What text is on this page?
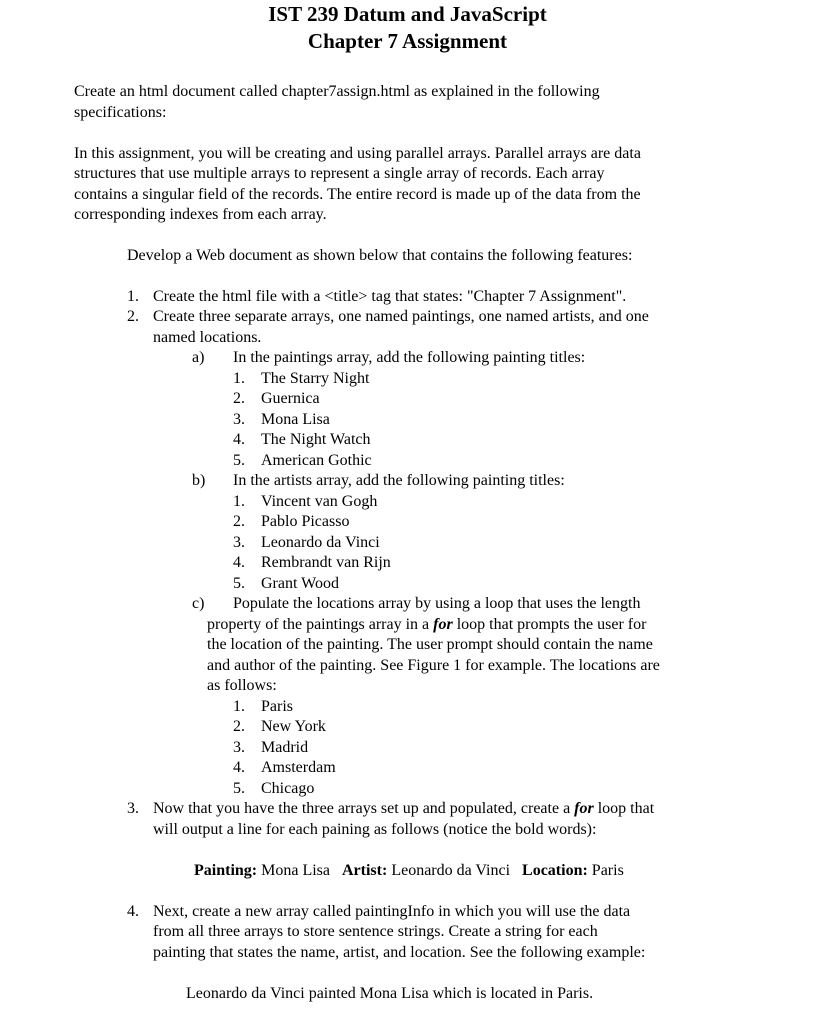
IST 239 Datum and JavaScript
Chapter 7 Assignment

Create an html document called chapter7assign.html as explained in the following

specifications:

In this assignment, you will be creating and using parallel arrays. Parallel arrays are data

structures that use multiple arrays to represent a single array of records. Each array

contains a singular field of the records. The entire record is made up of the data from the

corresponding indexes from each array.

Develop a Web document as shown below that contains the following features:

1. Create the html file with a <title> tag that states: "Chapter 7 Assignment".
2. Create three separate arrays, one named paintings, one named artists, and one
named locations.
a) In the paintings array, add the following painting titles:
1. The Starry Night
2. Guernica
3. Mona Lisa
4. The Night Watch
5. American Gothic
b) In the artists array, add the following painting titles:
1. Vincent van Gogh
2. Pablo Picasso
3. Leonardo da Vinci
4. Rembrandt van Rijn
5. Grant Wood
c) Populate the locations array by using a loop that uses the length
property of the paintings array in a for loop that prompts the user for
the location of the painting. The user prompt should contain the name
and author of the painting. See Figure 1 for example. The locations are
as follows:
1. Paris
2. New York
3. Madrid
4. Amsterdam
5. Chicago
3. Now that you have the three arrays set up and populated, create a for loop that
will output a line for each paining as follows (notice the bold words):

Painting: Mona Lisa Artist: Leonardo da Vinci Location: Paris

4. Next, create a new array called paintingInfo in which you will use the data
from all three arrays to store sentence strings. Create a string for each
painting that states the name, artist, and location. See the following example:

Leonardo da Vinci painted Mona Lisa which is located in Paris.
